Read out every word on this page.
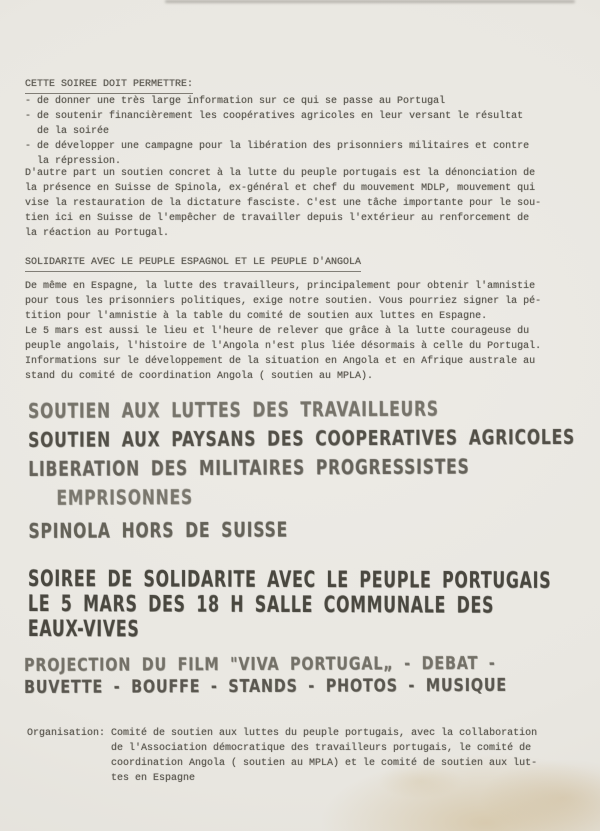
CETTE SOIREE DOIT PERMETTRE:
- de donner une très large information sur ce qui se passe au Portugal
- de soutenir financièrement les coopératives agricoles en leur versant le résultat
de la soirée
- de développer une campagne pour la libération des prisonniers militaires et contre
la répression.
D'autre part un soutien concret à la lutte du peuple portugais est la dénonciation de
la présence en Suisse de Spinola, ex-général et chef du mouvement MDLP, mouvement qui
vise la restauration de la dictature fasciste. C'est une tâche importante pour le sou-
tien ici en Suisse de l'empêcher de travailler depuis l'extérieur au renforcement de
la réaction au Portugal.
SOLIDARITE AVEC LE PEUPLE ESPAGNOL ET LE PEUPLE D'ANGOLA
De même en Espagne, la lutte des travailleurs, principalement pour obtenir l'amnistie
pour tous les prisonniers politiques, exige notre soutien. Vous pourriez signer la pé-
tition pour l'amnistie à la table du comité de soutien aux luttes en Espagne.
Le 5 mars est aussi le lieu et l'heure de relever que grâce à la lutte courageuse du
peuple angolais, l'histoire de l'Angola n'est plus liée désormais à celle du Portugal.
Informations sur le développement de la situation en Angola et en Afrique australe au
stand du comité de coordination Angola ( soutien au MPLA).
SOUTIEN AUX LUTTES DES TRAVAILLEURS
SOUTIEN AUX PAYSANS DES COOPERATIVES AGRICOLES
LIBERATION DES MILITAIRES PROGRESSISTES
EMPRISONNES
SPINOLA HORS DE SUISSE
SOIREE DE SOLIDARITE AVEC LE PEUPLE PORTUGAIS
LE 5 MARS DES 18 H SALLE COMMUNALE DES
EAUX-VIVES
PROJECTION DU FILM "VIVA PORTUGAL„ - DEBAT -
BUVETTE - BOUFFE - STANDS - PHOTOS - MUSIQUE
Organisation: Comité de soutien aux luttes du peuple portugais, avec la collaboration
de l'Association démocratique des travailleurs portugais, le comité de
coordination Angola ( soutien au MPLA) et le comité de soutien aux lut-
tes en Espagne
